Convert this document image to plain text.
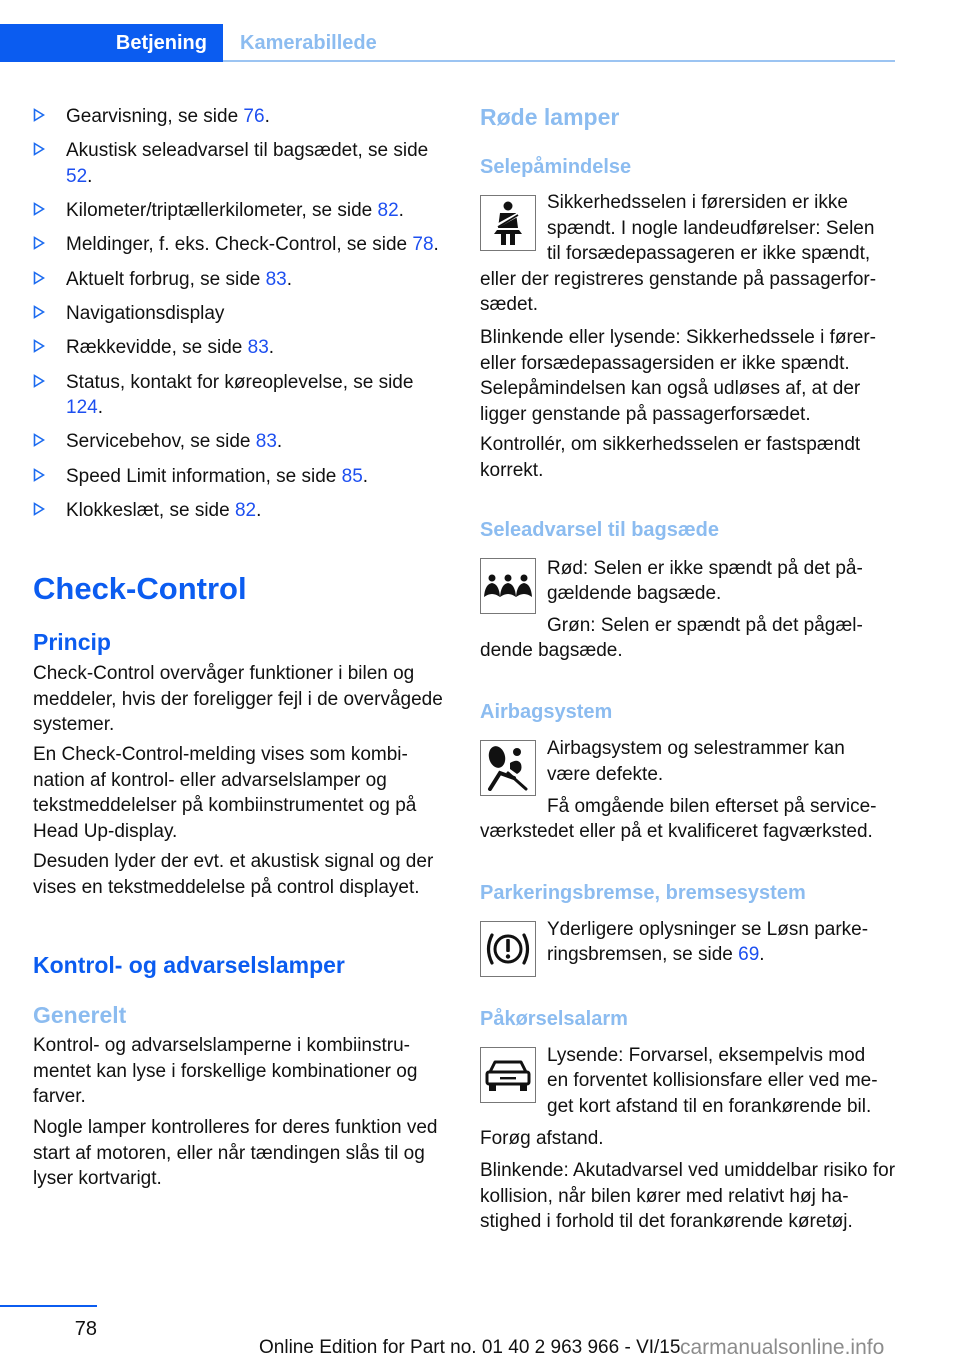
Betjening	Kamerabillede
Gearvisning, se side 76.
Akustisk seleadvarsel til bagsædet, se side 52.
Kilometer/triptællerkilometer, se side 82.
Meldinger, f. eks. Check-Control, se side 78.
Aktuelt forbrug, se side 83.
Navigationsdisplay
Rækkevidde, se side 83.
Status, kontakt for køreoplevelse, se side 124.
Servicebehov, se side 83.
Speed Limit information, se side 85.
Klokkeslæt, se side 82.
Check-Control
Princip
Check-Control overvåger funktioner i bilen og meddeler, hvis der foreligger fejl i de overvågede systemer.
En Check-Control-melding vises som kombination af kontrol- eller advarselslamper og tekstmeddelelser på kombiinstrumentet og på Head Up-display.
Desuden lyder der evt. et akustisk signal og der vises en tekstmeddelelse på control displayet.
Kontrol- og advarselslamper
Generelt
Kontrol- og advarselslamperne i kombiinstrumentet kan lyse i forskellige kombinationer og farver.
Nogle lamper kontrolleres for deres funktion ved start af motoren, eller når tændingen slås til og lyser kortvarigt.
Røde lamper
Selepåmindelse
Sikkerhedsselen i førersiden er ikke
spændt. I nogle landeudførelser: Selen
til forsædepassageren er ikke spændt,
eller der registreres genstande på passagerfor-
sædet.
Blinkende eller lysende: Sikkerhedssele i fører- eller forsædepassagersiden er ikke spændt. Selepåmindelsen kan også udløses af, at der ligger genstande på passagerforsædet.
Kontrollér, om sikkerhedsselen er fastspændt korrekt.
Seleadvarsel til bagsæde
Rød: Selen er ikke spændt på det på-
gældende bagsæde.
Grøn: Selen er spændt på det pågæl-
dende bagsæde.
Airbagsystem
Airbagsystem og selestrammer kan
være defekte.
Få omgående bilen efterset på service-
værkstedet eller på et kvalificeret fagværksted.
Parkeringsbremse, bremsesystem
Yderligere oplysninger se Løsn parke-
ringsbremsen, se side 69.
Påkørselsalarm
Lysende: Forvarsel, eksempelvis mod
en forventet kollisionsfare eller ved me-
get kort afstand til en forankørende bil.
Forøg afstand.
Blinkende: Akutadvarsel ved umiddelbar risiko for kollision, når bilen kører med relativt høj hastighed i forhold til det forankørende køretøj.
78
Online Edition for Part no. 01 40 2 963 966 - VI/15 carmanualsonline.info
